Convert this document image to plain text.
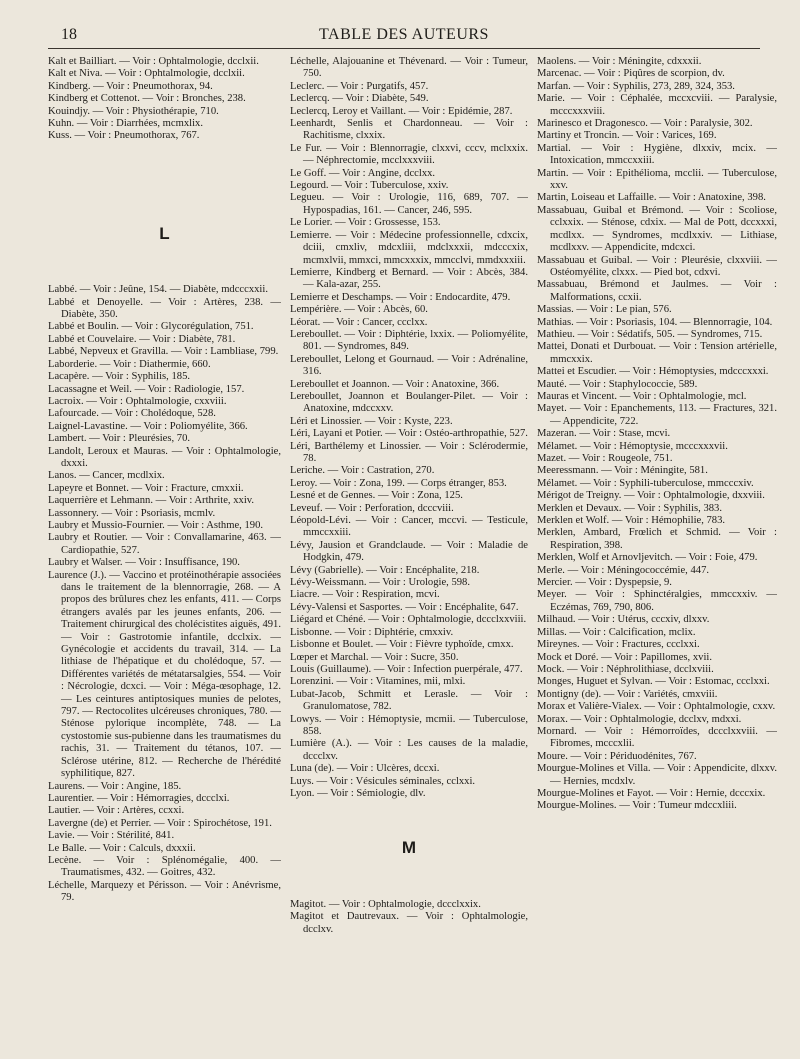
18	TABLE DES AUTEURS

Kalt et Bailliart. — Voir : Ophtalmologie, dcclxii.

Kalt et Niva. — Voir : Ophtalmologie, dcclxii.

Kindberg. — Voir : Pneumothorax, 94.

Kindberg et Cottenot. — Voir : Bronches, 238.

Kouindjy. — Voir : Physiothérapie, 710.

Kuhn. — Voir : Diarrhées, mcmxlix.

Kuss. — Voir : Pneumothorax, 767.

L

Labbé. — Voir : Jeûne, 154. — Diabète, mdcccxxii.

Labbé et Denoyelle. — Voir : Artères, 238. — Diabète, 350.

Labbé et Boulin. — Voir : Glycorégulation, 751.

Labbé et Couvelaire. — Voir : Diabète, 781.

Labbé, Nepveux et Gravilla. — Voir : Lambliase, 799.

Laborderie. — Voir : Diathermie, 660.

Lacapère. — Voir : Syphilis, 185.

Lacassagne et Weil. — Voir : Radiologie, 157.

Lacroix. — Voir : Ophtalmologie, cxxviii.

Lafourcade. — Voir : Cholédoque, 528.

Laignel-Lavastine. — Voir : Poliomyélite, 366.

Lambert. — Voir : Pleurésies, 70.

Landolt, Leroux et Mauras. — Voir : Ophtalmologie, dxxxi.

Lanos. — Cancer, mcdlxix.

Lapeyre et Bonnet. — Voir : Fracture, cmxxii.

Laquerrière et Lehmann. — Voir : Arthrite, xxiv.

Lassonnery. — Voir : Psoriasis, mcmlv.

Laubry et Mussio-Fournier. — Voir : Asthme, 190.

Laubry et Routier. — Voir : Convallamarine, 463. — Cardiopathie, 527.

Laubry et Walser. — Voir : Insuffisance, 190.

Laurence (J.). — Vaccino et protéinothérapie associées dans le traitement de la blennorragie, 268. — A propos des brûlures chez les enfants, 411. — Corps étrangers avalés par les jeunes enfants, 206. — Traitement chirurgical des cholécistites aiguës, 491. — Voir : Gastrotomie infantile, dcclxix. — Gynécologie et accidents du travail, 314. — La lithiase de l'hépatique et du cholédoque, 57. — Différentes variétés de métatarsalgies, 554. — Voir : Nécrologie, dcxci. — Voir : Méga-œsophage, 12. — Les ceintures antiptosiques munies de pelotes, 797. — Rectocolites ulcéreuses chroniques, 780. — Sténose pylorique incomplète, 748. — La cystostomie sus-pubienne dans les traumatismes du rachis, 31. — Traitement du tétanos, 107. — Sclérose utérine, 812. — Recherche de l'hérédité syphilitique, 827.

Laurens. — Voir : Angine, 185.

Laurentier. — Voir : Hémorragies, dccclxi.

Lautier. — Voir : Artères, ccxxi.

Lavergne (de) et Perrier. — Voir : Spirochétose, 191.

Lavie. — Voir : Stérilité, 841.

Le Balle. — Voir : Calculs, dxxxii.

Lecène. — Voir : Splénomégalie, 400. — Traumatismes, 432. — Goitres, 432.

Léchelle, Marquezy et Périsson. — Voir : Anévrisme, 79.

Léchelle, Alajouanine et Thévenard. — Voir : Tumeur, 750.

Leclerc. — Voir : Purgatifs, 457.

Leclercq. — Voir : Diabète, 549.

Leclercq, Leroy et Vaillant. — Voir : Epidémie, 287.

Leenhardt, Senlis et Chardonneau. — Voir : Rachitisme, clxxix.

Le Fur. — Voir : Blennorragie, clxxvi, cccv, mclxxix. — Néphrectomie, mcclxxxviii.

Le Goff. — Voir : Angine, dcclxx.

Legourd. — Voir : Tuberculose, xxiv.

Legueu. — Voir : Urologie, 116, 689, 707. — Hypospadias, 161. — Cancer, 246, 595.

Le Lorier. — Voir : Grossesse, 153.

Lemierre. — Voir : Médecine professionnelle, cdxcix, dciii, cmxliv, mdcxliii, mdclxxxii, mdcccxix, mcmxlvii, mmxci, mmcxxxix, mmcclvi, mmdxxxiii.

Lemierre, Kindberg et Bernard. — Voir : Abcès, 384. — Kala-azar, 255.

Lemierre et Deschamps. — Voir : Endocardite, 479.

Lempérière. — Voir : Abcès, 60.

Léorat. — Voir : Cancer, ccclxx.

Lereboullet. — Voir : Diphtérie, lxxix. — Poliomyélite, 801. — Syndromes, 849.

Lereboullet, Lelong et Gournaud. — Voir : Adrénaline, 316.

Lereboullet et Joannon. — Voir : Anatoxine, 366.

Lereboullet, Joannon et Boulanger-Pilet. — Voir : Anatoxine, mdccxxv.

Léri et Linossier. — Voir : Kyste, 223.

Léri, Layani et Potier. — Voir : Ostéo-arthropathie, 527.

Léri, Barthélemy et Linossier. — Voir : Sclérodermie, 78.

Leriche. — Voir : Castration, 270.

Leroy. — Voir : Zona, 199. — Corps étranger, 853.

Lesné et de Gennes. — Voir : Zona, 125.

Leveuf. — Voir : Perforation, dcccviii.

Léopold-Lévi. — Voir : Cancer, mccvi. — Testicule, mmccxxiii.

Lévy, Jausion et Grandclaude. — Voir : Maladie de Hodgkin, 479.

Lévy (Gabrielle). — Voir : Encéphalite, 218.

Lévy-Weissmann. — Voir : Urologie, 598.

Liacre. — Voir : Respiration, mcvi.

Lévy-Valensi et Sasportes. — Voir : Encéphalite, 647.

Liégard et Chéné. — Voir : Ophtalmologie, dccclxxviii.

Lisbonne. — Voir : Diphtérie, cmxxiv.

Lisbonne et Boulet. — Voir : Fièvre typhoïde, cmxx.

Lœper et Marchal. — Voir : Sucre, 350.

Louis (Guillaume). — Voir : Infection puerpérale, 477.

Lorenzini. — Voir : Vitamines, mii, mlxi.

Lubat-Jacob, Schmitt et Lerasle. — Voir : Granulomatose, 782.

Lowys. — Voir : Hémoptysie, mcmii. — Tuberculose, 858.

Lumière (A.). — Voir : Les causes de la maladie, dccclxv.

Luna (de). — Voir : Ulcères, dccxi.

Luys. — Voir : Vésicules séminales, cclxxi.

Lyon. — Voir : Sémiologie, dlv.

M

Magitot. — Voir : Ophtalmologie, dccclxxix.

Magitot et Dautrevaux. — Voir : Ophtalmologie, dcclxv.

Maolens. — Voir : Méningite, cdxxxii.

Marcenac. — Voir : Piqûres de scorpion, dv.

Marfan. — Voir : Syphilis, 273, 289, 324, 353.

Marie. — Voir : Céphalée, mccxcviii. — Paralysie, mcccxxxviii.

Marinesco et Dragonesco. — Voir : Paralysie, 302.

Martiny et Troncin. — Voir : Varices, 169.

Martial. — Voir : Hygiène, dlxxiv, mcix. — Intoxication, mmccxxiii.

Martin. — Voir : Epithélioma, mcclii. — Tuberculose, xxv.

Martin, Loiseau et Laffaille. — Voir : Anatoxine, 398.

Massabuau, Guibal et Brémond. — Voir : Scoliose, cclxxix. — Sténose, cdxix. — Mal de Pott, dccxxxi, mcdlxx. — Syndromes, mcdlxxiv. — Lithiase, mcdlxxv. — Appendicite, mdcxci.

Massabuau et Guibal. — Voir : Pleurésie, clxxviii. — Ostéomyélite, clxxx. — Pied bot, cdxvi.

Massabuau, Brémond et Jaulmes. — Voir : Malformations, ccxii.

Massias. — Voir : Le pian, 576.

Mathias. — Voir : Psoriasis, 104. — Blennorragie, 104.

Mathieu. — Voir : Sédatifs, 505. — Syndromes, 715.

Mattei, Donati et Durbouat. — Voir : Tension artérielle, mmcxxix.

Mattei et Escudier. — Voir : Hémoptysies, mdcccxxxi.

Mauté. — Voir : Staphylococcie, 589.

Mauras et Vincent. — Voir : Ophtalmologie, mcl.

Mayet. — Voir : Epanchements, 113. — Fractures, 321. — Appendicite, 722.

Mazeran. — Voir : Stase, mcvi.

Mélamet. — Voir : Hémoptysie, mcccxxxvii.

Mazet. — Voir : Rougeole, 751.

Meeressmann. — Voir : Méningite, 581.

Mélamet. — Voir : Syphili-tuberculose, mmcccxiv.

Mérigot de Treigny. — Voir : Ophtalmologie, dxxviii.

Merklen et Devaux. — Voir : Syphilis, 383.

Merklen et Wolf. — Voir : Hémophilie, 783.

Merklen, Ambard, Frœlich et Schmid. — Voir : Respiration, 398.

Merklen, Wolf et Arnovljevitch. — Voir : Foie, 479.

Merle. — Voir : Méningococcémie, 447.

Mercier. — Voir : Dyspepsie, 9.

Meyer. — Voir : Sphinctéralgies, mmccxxiv. — Eczémas, 769, 790, 806.

Milhaud. — Voir : Utérus, cccxiv, dlxxv.

Millas. — Voir : Calcification, mclix.

Mireynes. — Voir : Fractures, ccclxxi.

Mock et Doré. — Voir : Papillomes, xvii.

Mock. — Voir : Néphrolithiase, dcclxviii.

Monges, Huguet et Sylvan. — Voir : Estomac, ccclxxi.

Montigny (de). — Voir : Variétés, cmxviii.

Morax et Valière-Vialex. — Voir : Ophtalmologie, cxxv.

Morax. — Voir : Ophtalmologie, dcclxv, mdxxi.

Mornard. — Voir : Hémorroïdes, dccclxxviii. — Fibromes, mcccxlii.

Moure. — Voir : Périduodénites, 767.

Mourgue-Molines et Villa. — Voir : Appendicite, dlxxv. — Hernies, mcdxlv.

Mourgue-Molines et Fayot. — Voir : Hernie, dcccxix.

Mourgue-Molines. — Voir : Tumeur mdccxliii.
